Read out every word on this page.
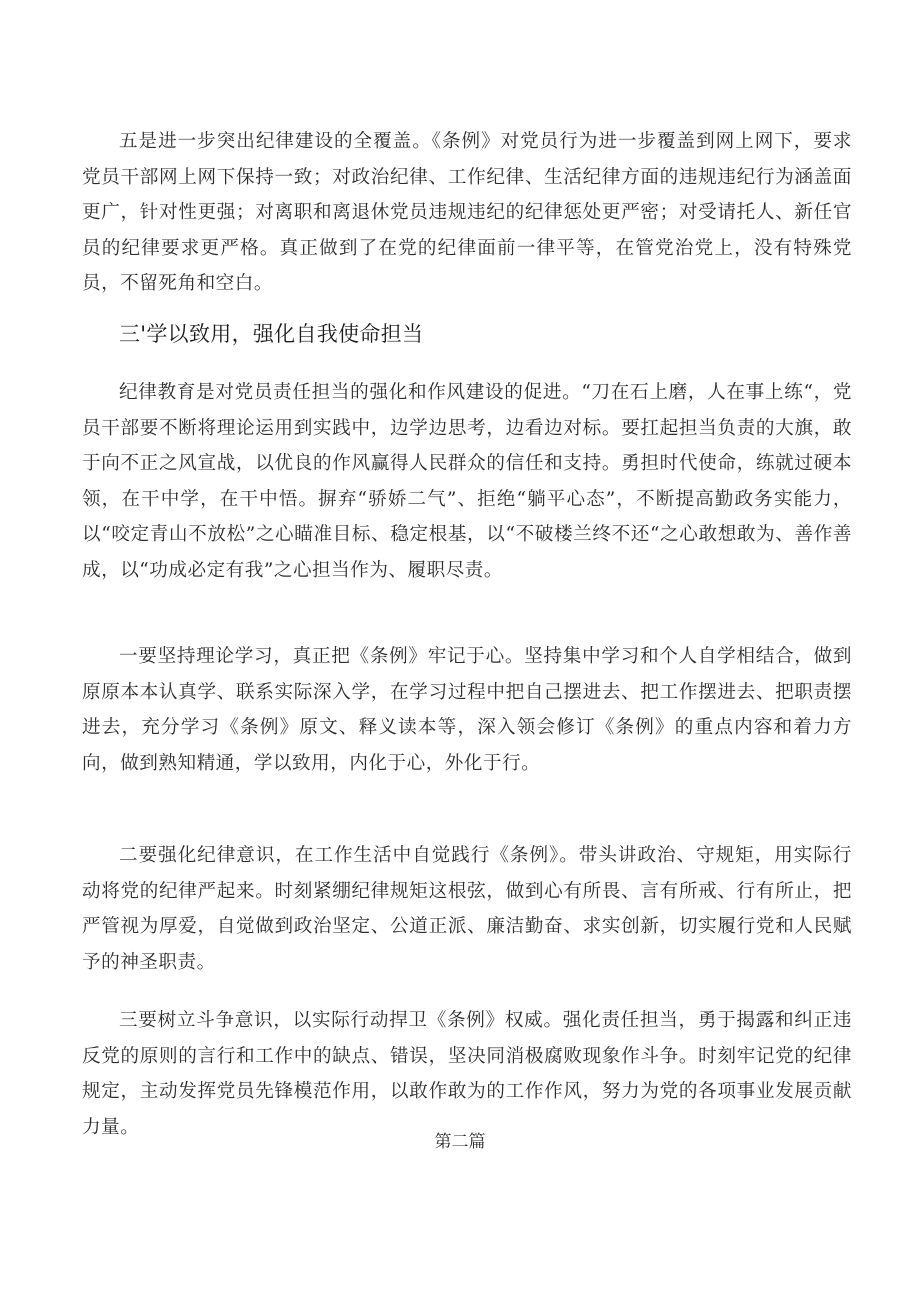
五是进一步突出纪律建设的全覆盖。《条例》对党员行为进一步覆盖到网上网下，要求党员干部网上网下保持一致；对政治纪律、工作纪律、生活纪律方面的违规违纪行为涵盖面更广，针对性更强；对离职和离退休党员违规违纪的纪律惩处更严密；对受请托人、新任官员的纪律要求更严格。真正做到了在党的纪律面前一律平等，在管党治党上，没有特殊党员，不留死角和空白。

三'学以致用，强化自我使命担当

纪律教育是对党员责任担当的强化和作风建设的促进。“刀在石上磨，人在事上练“，党员干部要不断将理论运用到实践中，边学边思考，边看边对标。要扛起担当负责的大旗，敢于向不正之风宣战，以优良的作风赢得人民群众的信任和支持。勇担时代使命，练就过硬本领，在干中学，在干中悟。摒弃“骄娇二气”、拒绝“躺平心态”，不断提高勤政务实能力，以“咬定青山不放松”之心瞄准目标、稳定根基，以“不破楼兰终不还“之心敢想敢为、善作善成，以“功成必定有我”之心担当作为、履职尽责。

一要坚持理论学习，真正把《条例》牢记于心。坚持集中学习和个人自学相结合，做到原原本本认真学、联系实际深入学，在学习过程中把自己摆进去、把工作摆进去、把职责摆进去，充分学习《条例》原文、释义读本等，深入领会修订《条例》的重点内容和着力方向，做到熟知精通，学以致用，内化于心，外化于行。

二要强化纪律意识，在工作生活中自觉践行《条例》。带头讲政治、守规矩，用实际行动将党的纪律严起来。时刻紧绷纪律规矩这根弦，做到心有所畏、言有所戒、行有所止，把严管视为厚爱，自觉做到政治坚定、公道正派、廉洁勤奋、求实创新，切实履行党和人民赋予的神圣职责。

三要树立斗争意识，以实际行动捍卫《条例》权威。强化责任担当，勇于揭露和纠正违反党的原则的言行和工作中的缺点、错误，坚决同消极腐败现象作斗争。时刻牢记党的纪律规定，主动发挥党员先锋模范作用，以敢作敢为的工作作风，努力为党的各项事业发展贡献力量。

第二篇
